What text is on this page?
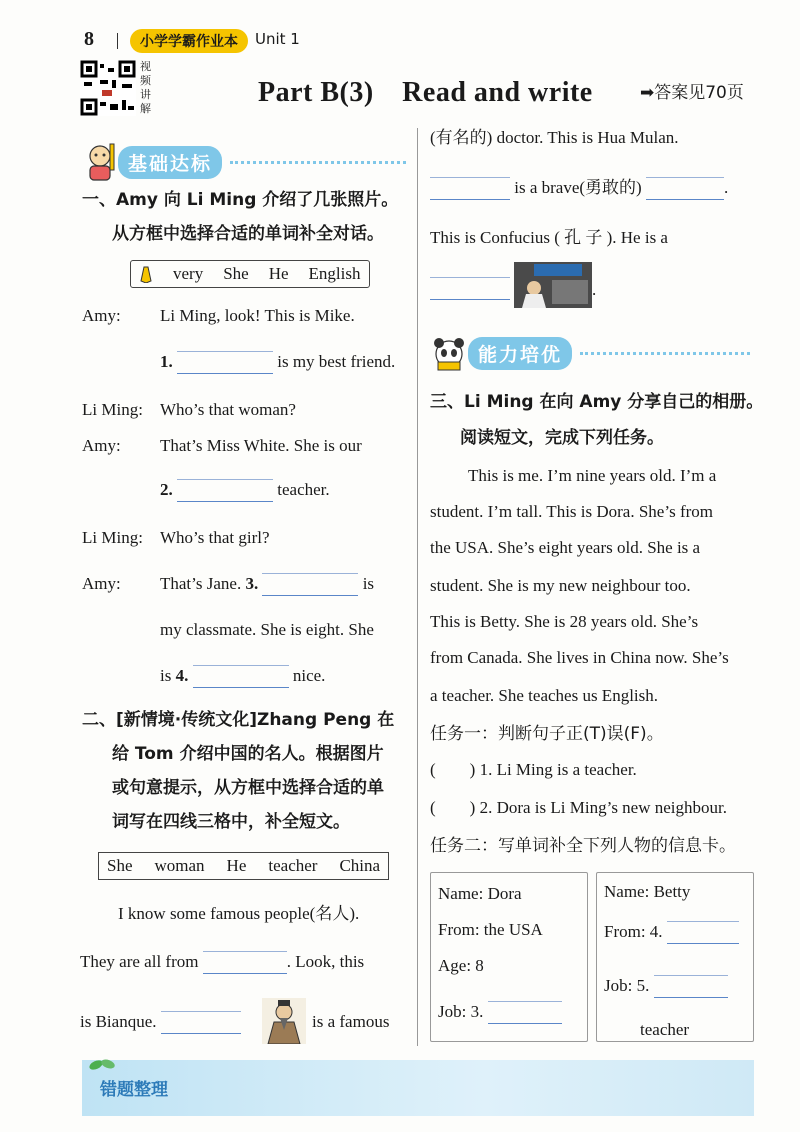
8	小学学霸作业本	Unit 1
视频讲解
Part B(3)　Read and write	➡答案见70页
基础达标
一、Amy 向 Li Ming 介绍了几张照片。
从方框中选择合适的单词补全对话。
very She He English
Amy: Li Ming, look! This is Mike.
1.	is my best friend.
Li Ming: Who’s that woman?
Amy: That’s Miss White. She is our
2.	teacher.
Li Ming: Who’s that girl?
Amy: That’s Jane. 3.	is
my classmate. She is eight. She
is 4.	nice.
二、[新情境·传统文化]Zhang Peng 在
给 Tom 介绍中国的名人。根据图片
或句意提示，从方框中选择合适的单
词写在四线三格中，补全短文。
She woman He teacher China
I know some famous people(名人).
They are all from	. Look, this
is Bianque.	is a famous
(有名的) doctor. This is Hua Mulan.
is a brave(勇敢的)	.
This is Confucius ( 孔 子 ). He is a
.
能力培优
三、Li Ming 在向 Amy 分享自己的相册。
阅读短文，完成下列任务。
This is me. I’m nine years old. I’m a
student. I’m tall. This is Dora. She’s from
the USA. She’s eight years old. She is a
student. She is my new neighbour too.
This is Betty. She is 28 years old. She’s
from Canada. She lives in China now. She’s
a teacher. She teaches us English.
任务一：判断句子正(T)误(F)。
(　　) 1. Li Ming is a teacher.
(　　) 2. Dora is Li Ming’s new neighbour.
任务二：写单词补全下列人物的信息卡。
Name: Dora
From: the USA
Age: 8
Job: 3.
Name: Betty
From: 4.
Job: 5.
teacher
错题整理
